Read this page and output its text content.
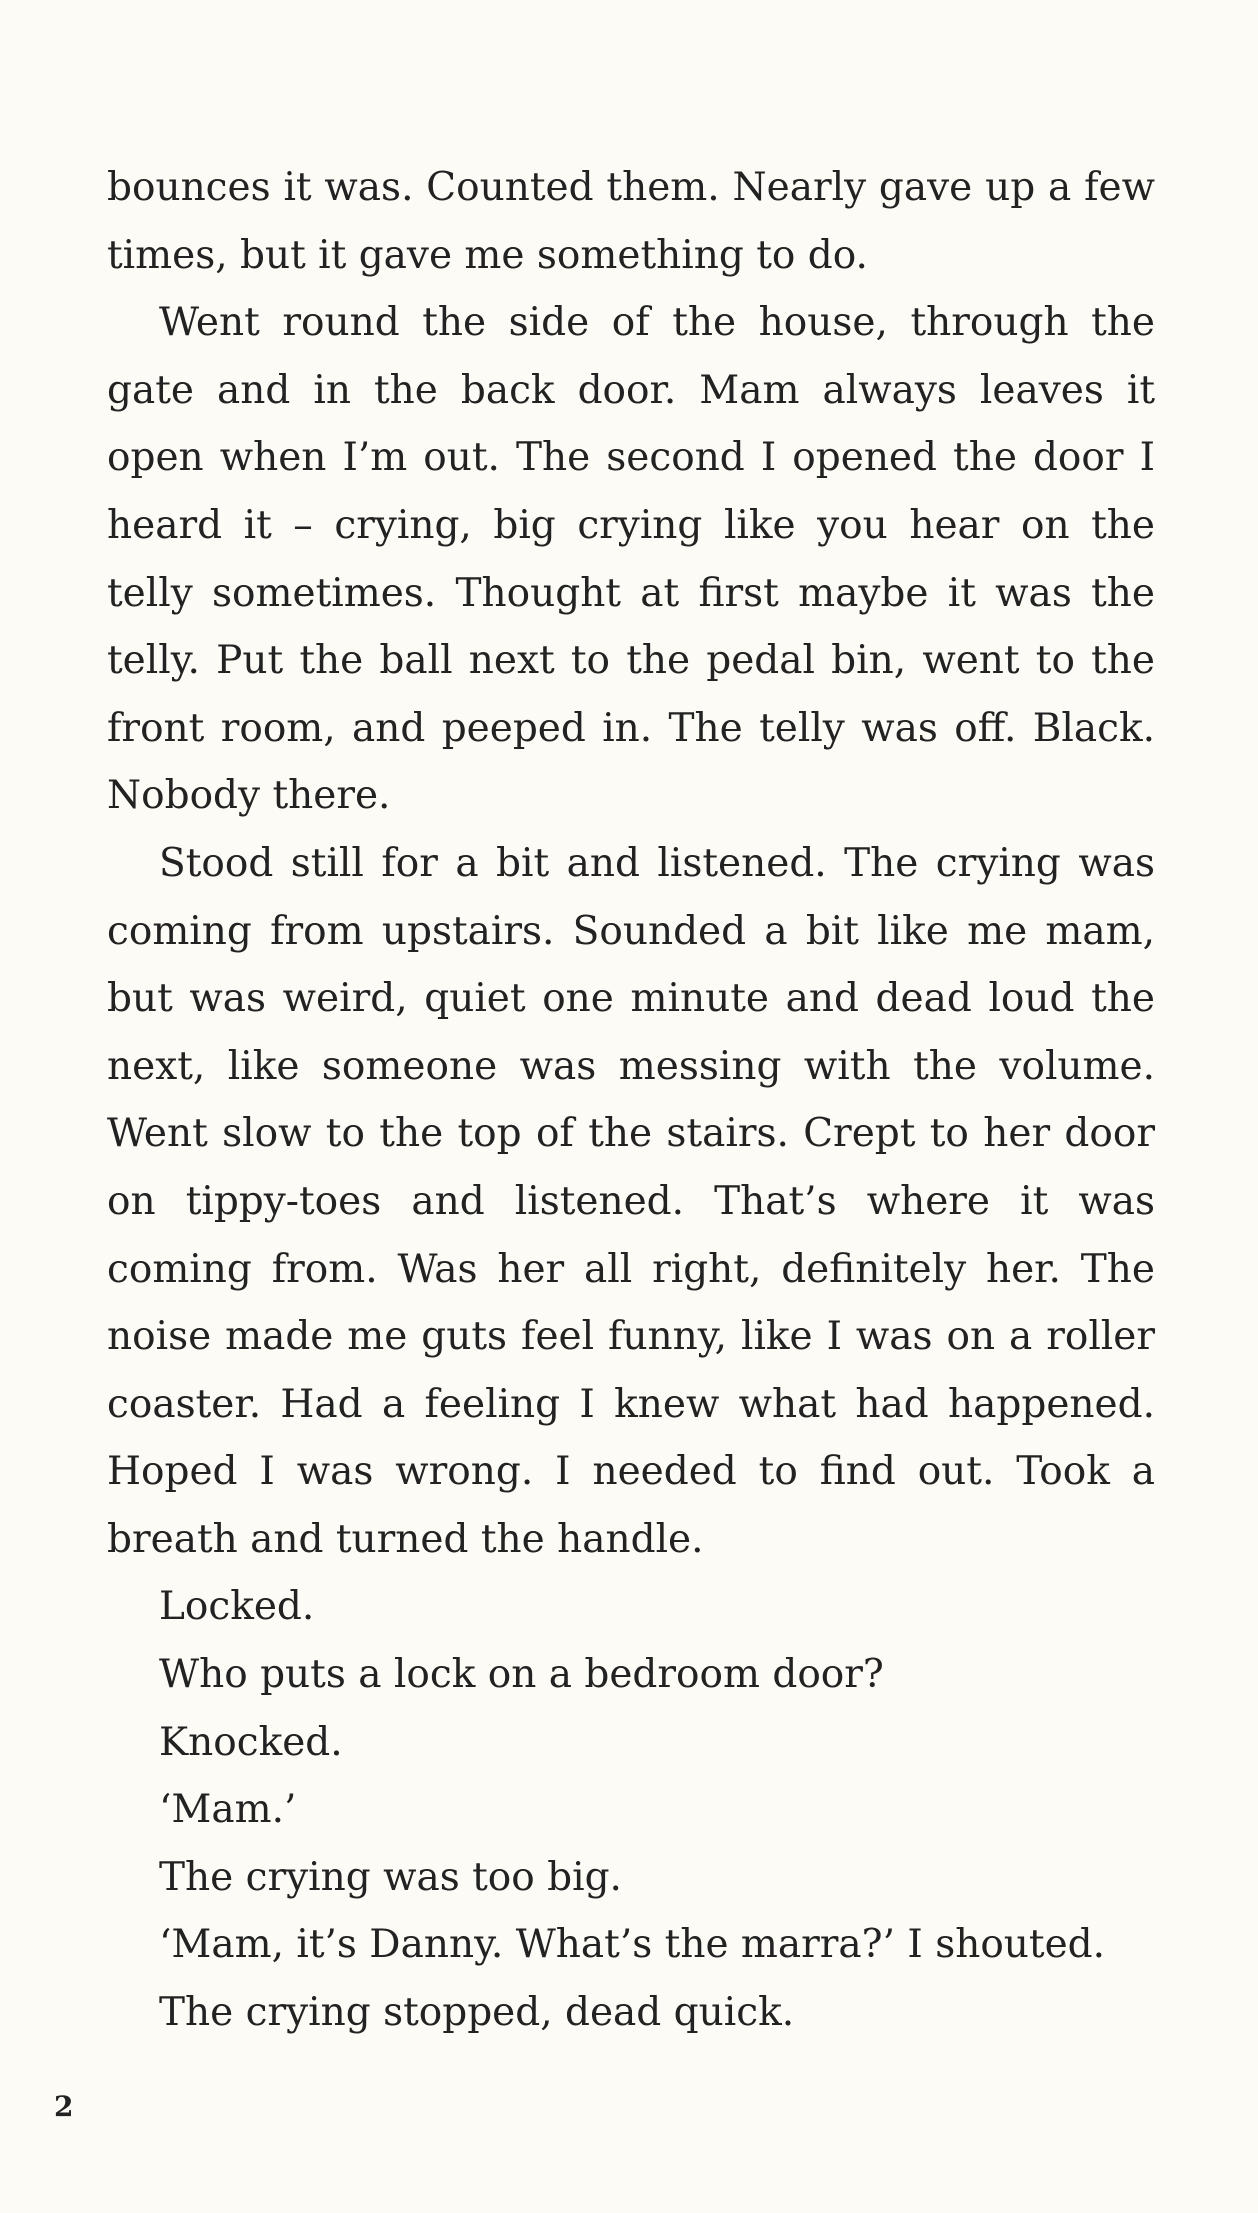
bounces it was. Counted them. Nearly gave up a few times, but it gave me something to do.

Went round the side of the house, through the gate and in the back door. Mam always leaves it open when I’m out. The second I opened the door I heard it – crying, big crying like you hear on the telly sometimes. Thought at first maybe it was the telly. Put the ball next to the pedal bin, went to the front room, and peeped in. The telly was off. Black. Nobody there.

Stood still for a bit and listened. The crying was coming from upstairs. Sounded a bit like me mam, but was weird, quiet one minute and dead loud the next, like someone was messing with the volume. Went slow to the top of the stairs. Crept to her door on tippy-toes and listened. That’s where it was coming from. Was her all right, definitely her. The noise made me guts feel funny, like I was on a roller coaster. Had a feeling I knew what had happened. Hoped I was wrong. I needed to find out. Took a breath and turned the handle.

Locked.

Who puts a lock on a bedroom door?

Knocked.

‘Mam.’

The crying was too big.

‘Mam, it’s Danny. What’s the marra?’ I shouted.

The crying stopped, dead quick.

2
